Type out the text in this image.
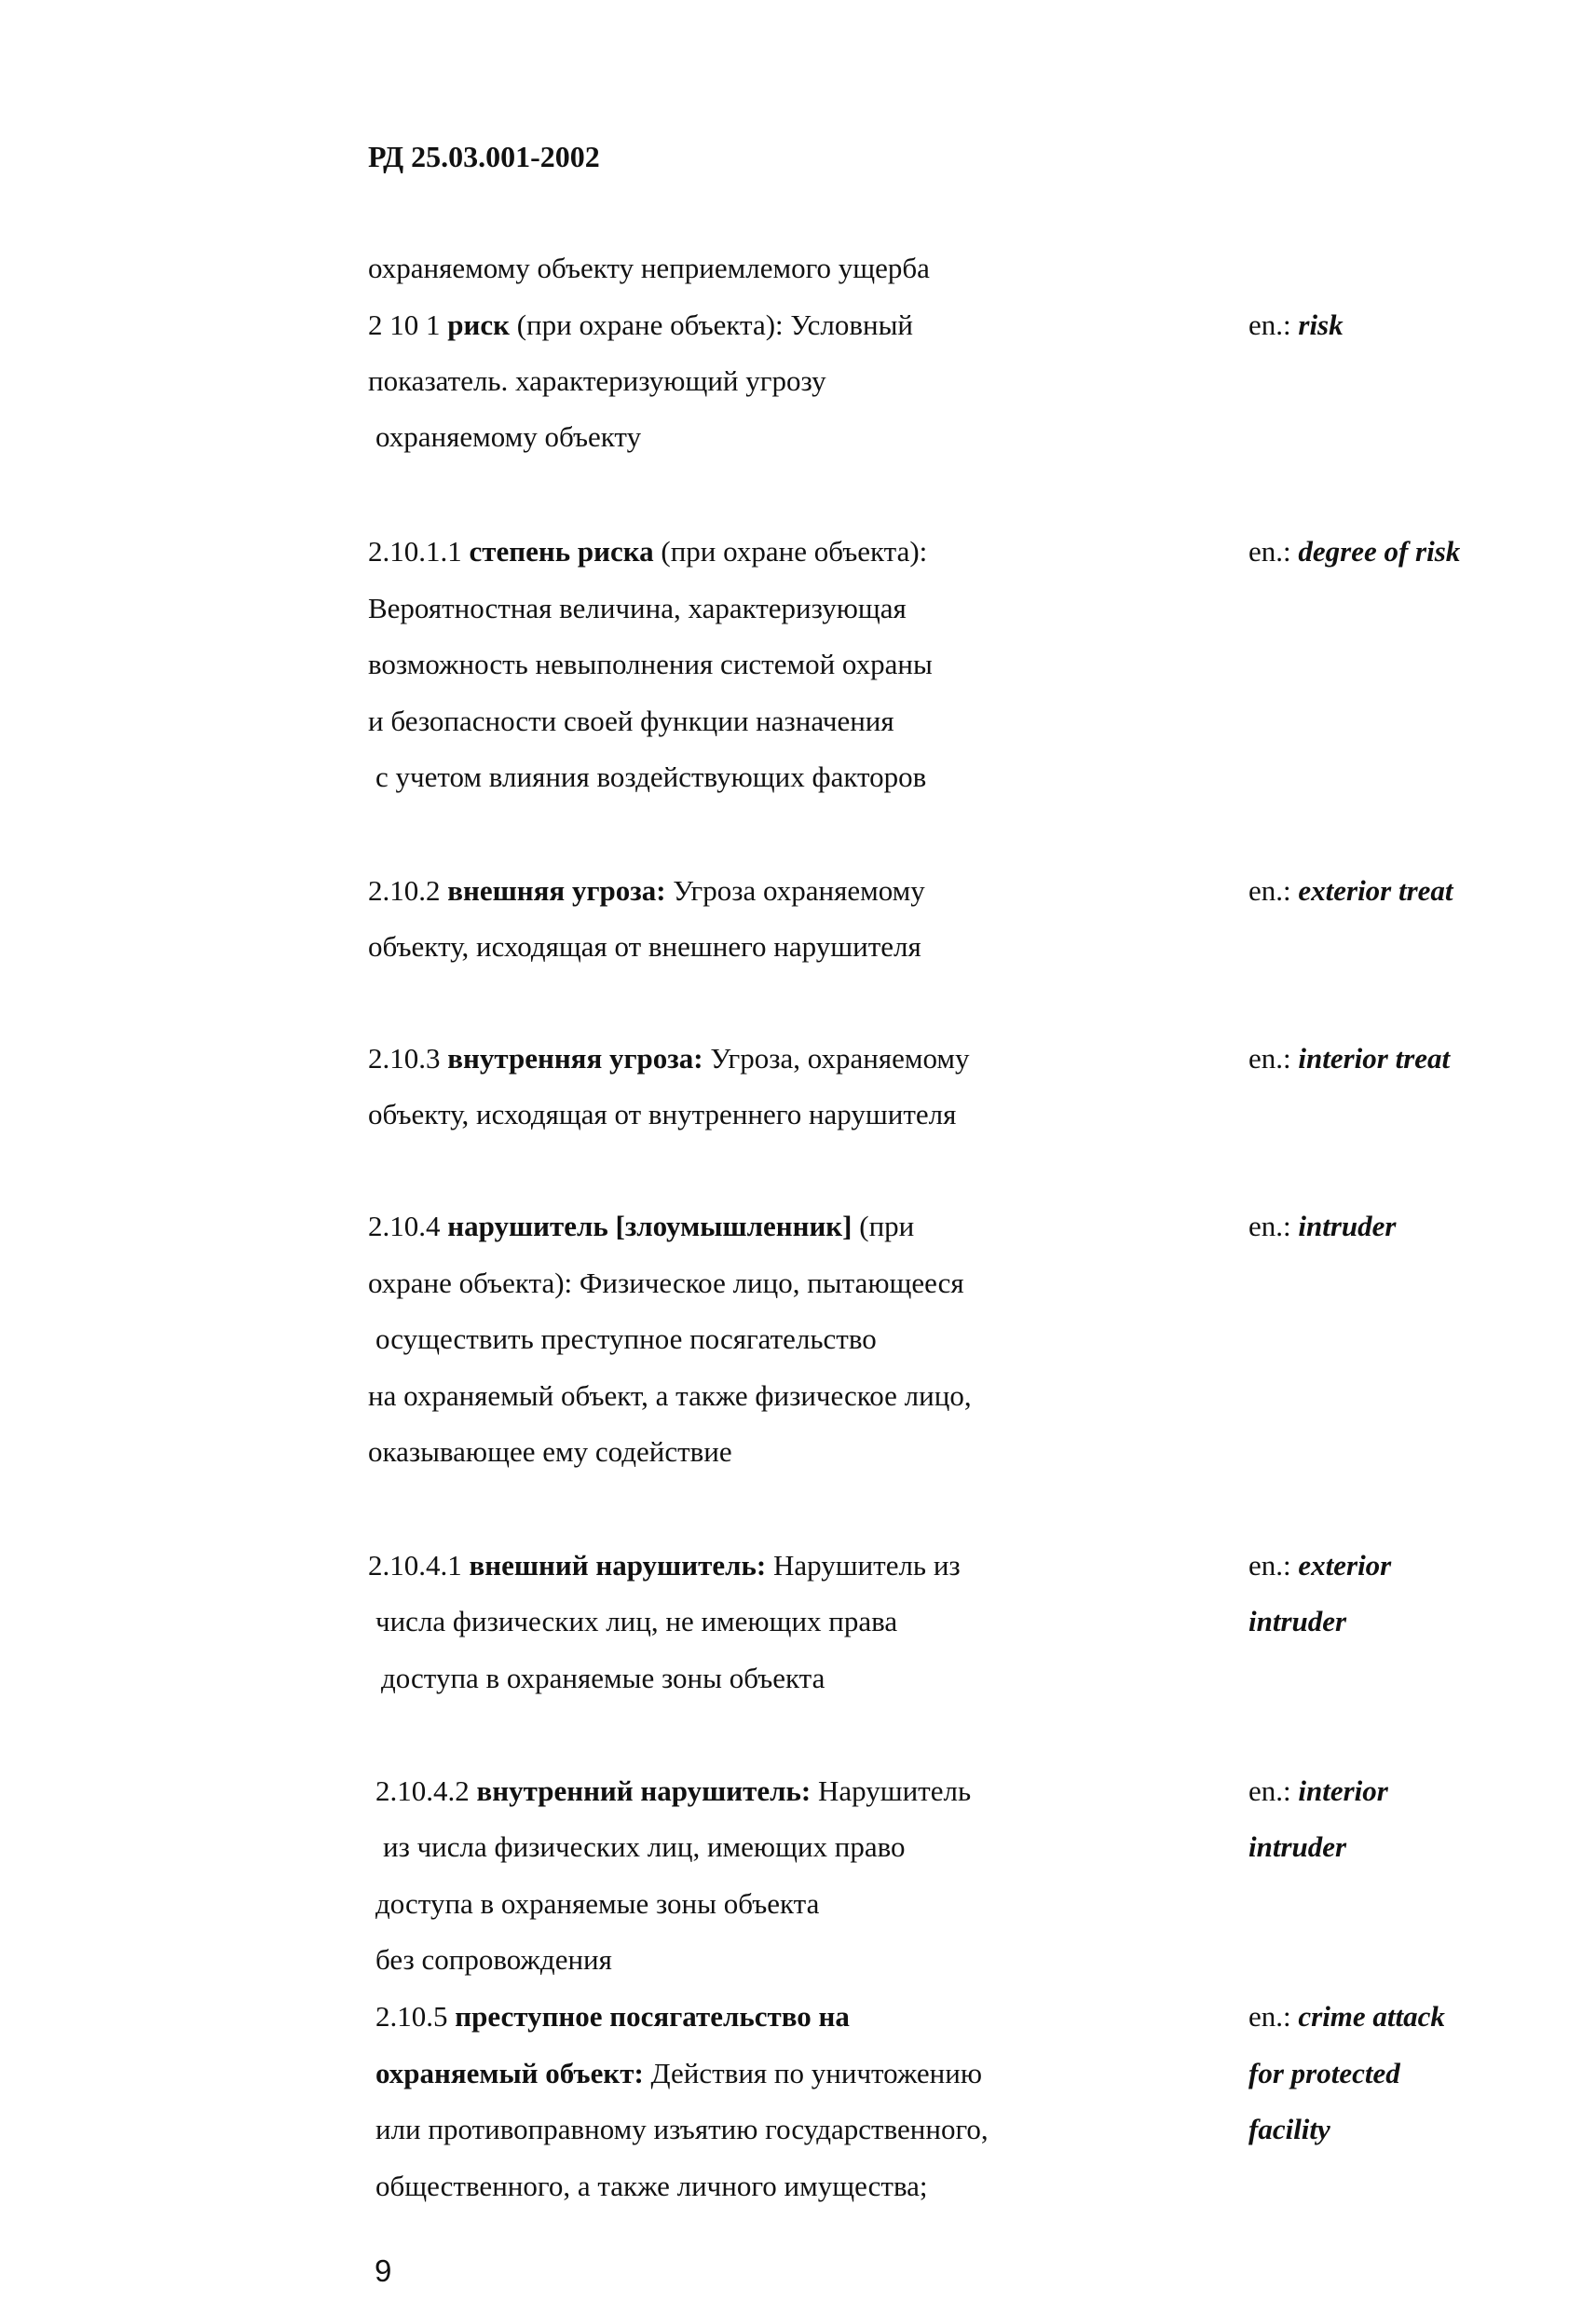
РД 25.03.001-2002
охраняемому объекту неприемлемого ущерба
2 10 1 риск (при охране объекта): Условный	en.: risk
показатель. характеризующий угрозу
охраняемому объекту
2.10.1.1 степень риска (при охране объекта):	en.: degree of risk
Вероятностная величина, характеризующая
возможность невыполнения системой охраны
и безопасности своей функции назначения
с учетом влияния воздействующих факторов
2.10.2 внешняя угроза: Угроза охраняемому	en.: exterior treat
объекту, исходящая от внешнего нарушителя
2.10.3 внутренняя угроза: Угроза, охраняемому	en.: interior treat
объекту, исходящая от внутреннего нарушителя
2.10.4 нарушитель [злоумышленник] (при	en.: intruder
охране объекта): Физическое лицо, пытающееся
осуществить преступное посягательство
на охраняемый объект, а также физическое лицо,
оказывающее ему содействие
2.10.4.1 внешний нарушитель: Нарушитель из	en.: exterior
intruder
числа физических лиц, не имеющих права
доступа в охраняемые зоны объекта
2.10.4.2 внутренний нарушитель: Нарушитель	en.: interior
intruder
из числа физических лиц, имеющих право
доступа в охраняемые зоны объекта
без сопровождения
2.10.5 преступное посягательство на	en.: crime attack
охраняемый объект: Действия по уничтожению	for protected
или противоправному изъятию государственного,	facility
общественного, а также личного имущества;
9
